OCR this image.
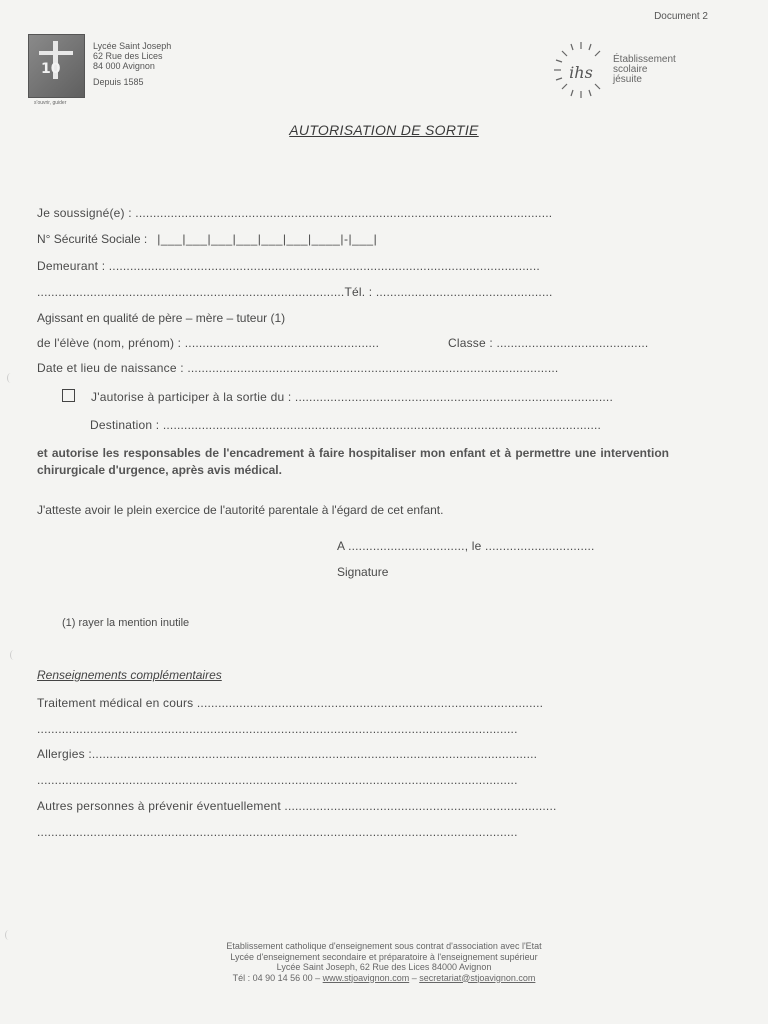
Document 2
10
s'ouvrir, guider
Lycée Saint Joseph
62 Rue des Lices
84 000 Avignon
Depuis 1585	ihs
Établissement
scolaire
jésuite
AUTORISATION DE SORTIE
Je soussigné(e) : ......................................................................................................................
N° Sécurité Sociale : |___|___|___|___|___|___|____|-|___|
Demeurant : ..........................................................................................................................
.......................................................................................Tél. : ..................................................
Agissant en qualité de père – mère – tuteur (1)
de l'élève (nom, prénom) : .......................................................	Classe : ...........................................
Date et lieu de naissance : .........................................................................................................
J'autorise à participer à la sortie du : ..........................................................................................
Destination : ............................................................................................................................
et autorise les responsables de l'encadrement à faire hospitaliser mon enfant et à permettre une intervention chirurgicale d'urgence, après avis médical.
J'atteste avoir le plein exercice de l'autorité parentale à l'égard de cet enfant.
A ................................., le ...............................
Signature
(1) rayer la mention inutile
Renseignements complémentaires
Traitement médical en cours ..................................................................................................
........................................................................................................................................
Allergies :..............................................................................................................................
........................................................................................................................................
Autres personnes à prévenir éventuellement .............................................................................
........................................................................................................................................
Etablissement catholique d'enseignement sous contrat d'association avec l'Etat
Lycée d'enseignement secondaire et préparatoire à l'enseignement supérieur
Lycée Saint Joseph, 62 Rue des Lices 84000 Avignon
Tél : 04 90 14 56 00 – www.stjoavignon.com – secretariat@stjoavignon.com
